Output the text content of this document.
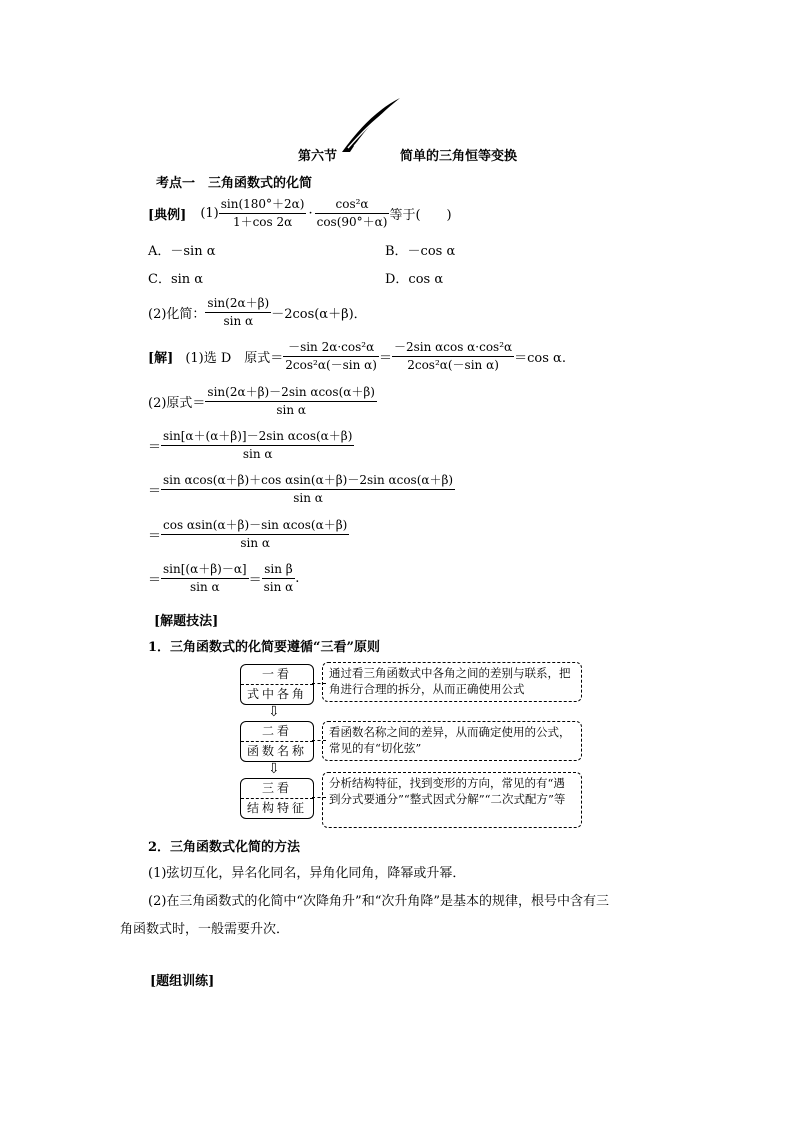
第六节	简单的三角恒等变换
考点一　三角函数式的化简
[典例] $(1) \frac{\sin(180^\circ+2\alpha)}{1+\cos 2\alpha} \cdot \frac{\text{cos²α}}{\cos(90^\circ+\alpha)}$ 等于(　　)
A．－sin α	B．－cos α
C．sin α	D．cos α
(2)化简： $\frac{\sin(2\alpha+\beta)}{\text{sin α}} -2\cos(\alpha+\beta)$．
[解] (1)选 D　原式＝ $\frac{\text{－sin 2α·cos²α}}{\text{2cos²α(－sin α)}} = \frac{\text{－2sin αcos α·cos²α}}{\text{2cos²α(－sin α)}} =\cos$ α.
(2)原式＝ $\frac{\text{sin(2α＋β)－2sin αcos(α＋β)}}{\text{sin α}}$
＝ $\frac{\text{sin[α＋(α＋β)]－2sin αcos(α＋β)}}{\text{sin α}}$
＝ $\frac{\text{sin αcos(α＋β)＋cos αsin(α＋β)－2sin αcos(α＋β)}}{\text{sin α}}$
＝ $\frac{\text{cos αsin(α＋β)－sin αcos(α＋β)}}{\text{sin α}}$
＝ $\frac{\sin[(\alpha+\beta)-\alpha]}{\text{sin α}} = \frac{\text{sin β}}{\text{sin α}}$ .
[解题技法]
1．三角函数式的化简要遵循“三看”原则
一看
式中各角
通过看三角函数式中各角之间的差别与联系，把角进行合理的拆分，从而正确使用公式
⇩
二看
函数名称
看函数名称之间的差异，从而确定使用的公式，常见的有“切化弦”
⇩
三看
结构特征
分析结构特征，找到变形的方向，常见的有“遇到分式要通分”“整式因式分解”“二次式配方”等
2．三角函数式化简的方法
(1)弦切互化，异名化同名，异角化同角，降幂或升幂．
(2)在三角函数式的化简中“次降角升”和“次升角降”是基本的规律，根号中含有三
角函数式时，一般需要升次．
[题组训练]
